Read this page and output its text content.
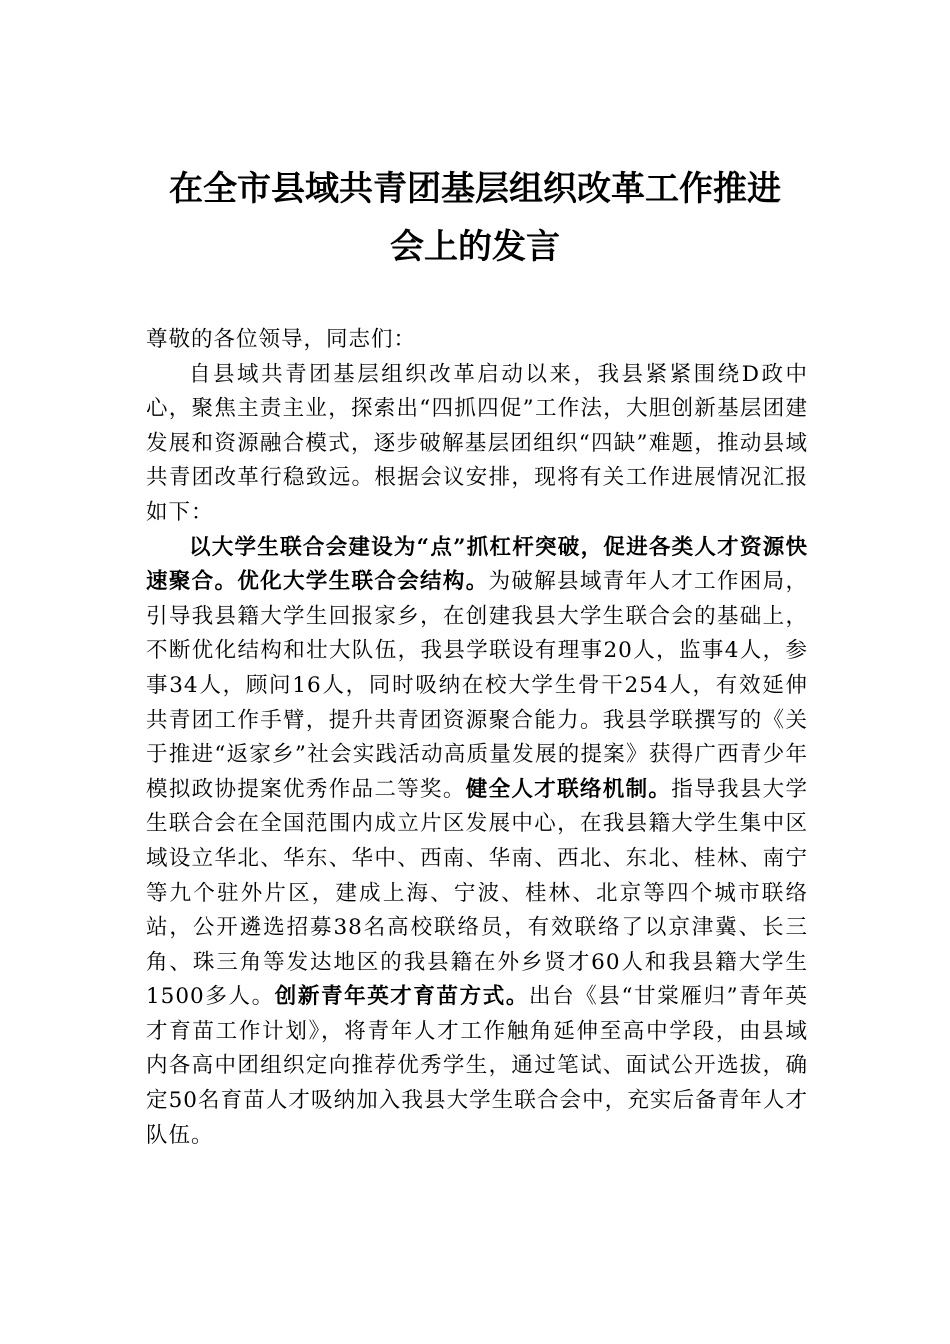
在全市县域共青团基层组织改革工作推进
会上的发言

尊敬的各位领导，同志们：

自县域共青团基层组织改革启动以来，我县紧紧围绕D政中心，聚焦主责主业，探索出“四抓四促”工作法，大胆创新基层团建发展和资源融合模式，逐步破解基层团组织“四缺”难题，推动县域共青团改革行稳致远。根据会议安排，现将有关工作进展情况汇报如下：

以大学生联合会建设为“点”抓杠杆突破，促进各类人才资源快速聚合。优化大学生联合会结构。为破解县域青年人才工作困局，引导我县籍大学生回报家乡，在创建我县大学生联合会的基础上，不断优化结构和壮大队伍，我县学联设有理事20人，监事4人，参事34人，顾问16人，同时吸纳在校大学生骨干254人，有效延伸共青团工作手臂，提升共青团资源聚合能力。我县学联撰写的《关于推进“返家乡”社会实践活动高质量发展的提案》获得广西青少年模拟政协提案优秀作品二等奖。健全人才联络机制。指导我县大学生联合会在全国范围内成立片区发展中心，在我县籍大学生集中区域设立华北、华东、华中、西南、华南、西北、东北、桂林、南宁等九个驻外片区，建成上海、宁波、桂林、北京等四个城市联络站，公开遴选招募38名高校联络员，有效联络了以京津冀、长三角、珠三角等发达地区的我县籍在外乡贤才60人和我县籍大学生1500多人。创新青年英才育苗方式。出台《县“甘棠雁归”青年英才育苗工作计划》，将青年人才工作触角延伸至高中学段，由县域内各高中团组织定向推荐优秀学生，通过笔试、面试公开选拔，确定50名育苗人才吸纳加入我县大学生联合会中，充实后备青年人才队伍。
